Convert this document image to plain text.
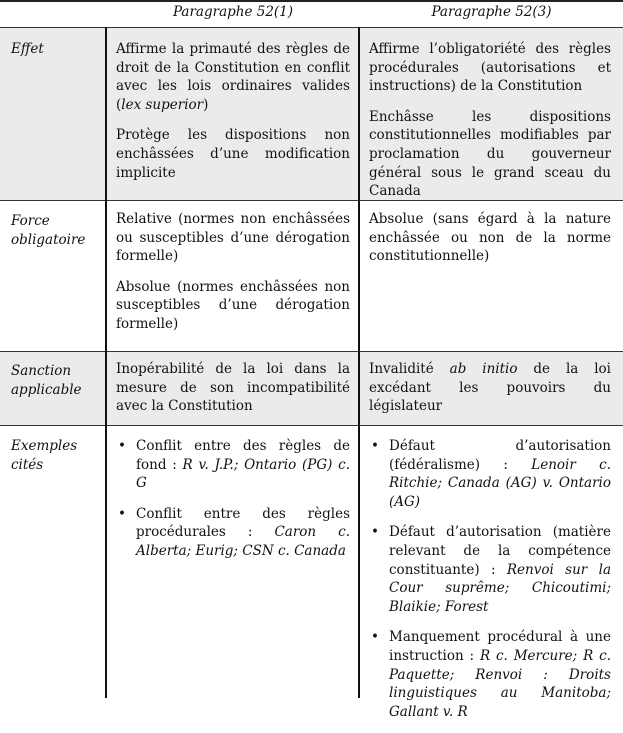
Paragraphe 52(1)	Paragraphe 52(3)
Effet	Affirme la primauté des règles de droit de la Constitution en conflit avec les lois ordinaires valides (lex superior)

Protège les dispositions non enchâssées d’une modification implicite

Affirme l’obligatoriété des règles procédurales (autorisations et instructions) de la Constitution

Enchâsse les dispositions constitutionnelles modifiables par proclamation du gouverneur général sous le grand sceau du Canada

Force obligatoire

Relative (normes non enchâssées ou susceptibles d’une dérogation formelle)

Absolue (normes enchâssées non susceptibles d’une dérogation formelle)

Absolue (sans égard à la nature enchâssée ou non de la norme constitutionnelle)

Sanction applicable

Inopérabilité de la loi dans la mesure de son incompatibilité avec la Constitution

Invalidité ab initio de la loi excédant les pouvoirs du législateur

Exemples cités
• Conflit entre des règles de fond : R v. J.P.; Ontario (PG) c. G
• Conflit entre des règles procédurales : Caron c. Alberta; Eurig; CSN c. Canada
• Défaut d’autorisation (fédéralisme) : Lenoir c. Ritchie; Canada (AG) v. Ontario (AG)
• Défaut d’autorisation (matière relevant de la compétence constituante) : Renvoi sur la Cour suprême; Chicoutimi; Blaikie; Forest
• Manquement procédural à une instruction : R c. Mercure; R c. Paquette; Renvoi : Droits linguistiques au Manitoba; Gallant v. R
